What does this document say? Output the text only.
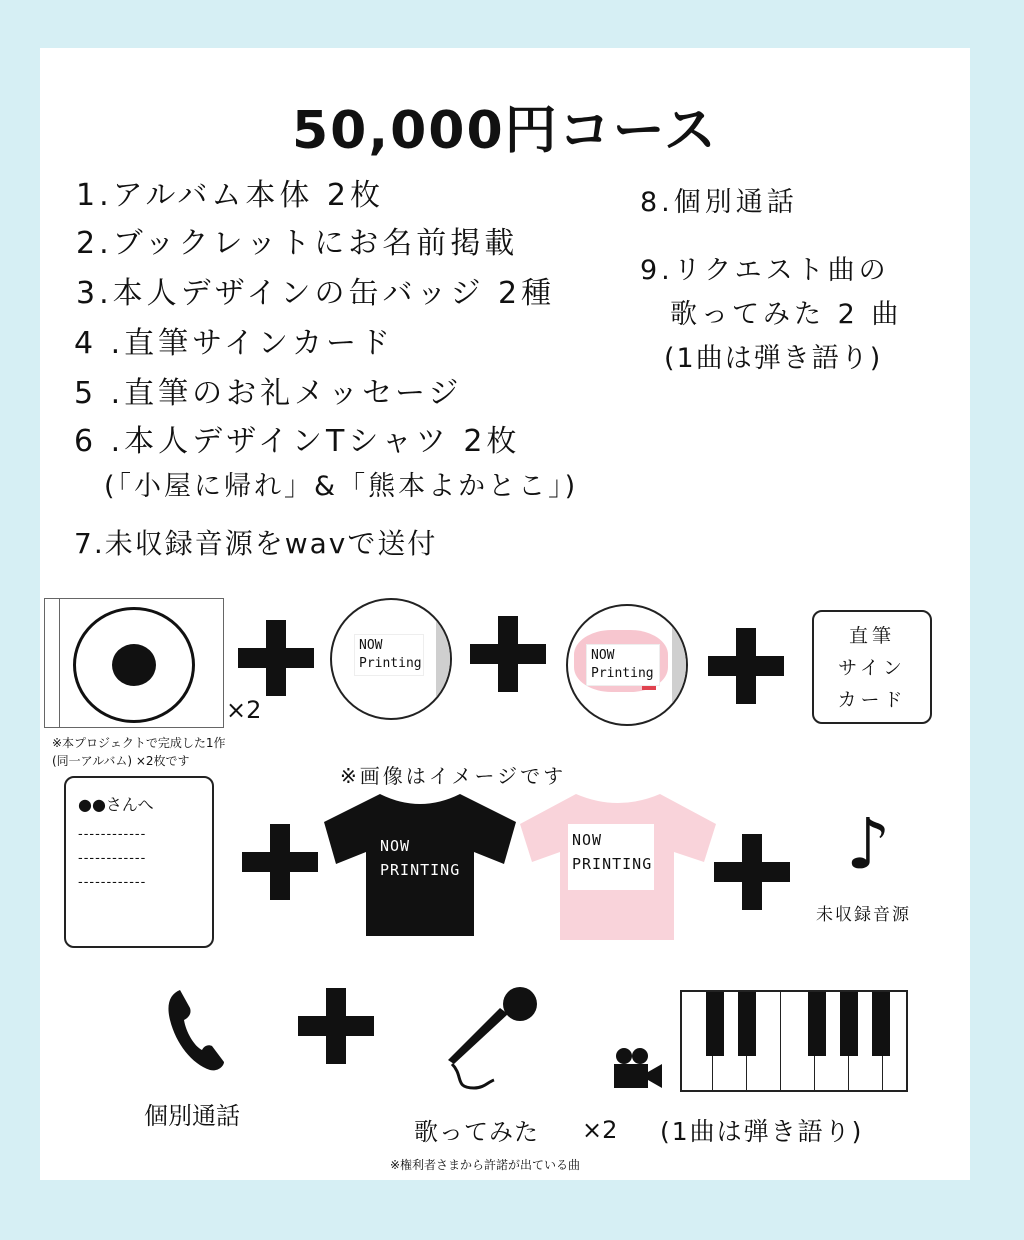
50,000円コース
1.アルバム本体 2枚
2.ブックレットにお名前掲載
3.本人デザインの缶バッジ 2種
4 .直筆サインカード
5 .直筆のお礼メッセージ
6 .本人デザインTシャツ 2枚
(「小屋に帰れ」&「熊本よかとこ」)
7.未収録音源をwavで送付
8.個別通話
9.リクエスト曲の
歌ってみた 2 曲
(1曲は弾き語り)
×2
※本プロジェクトで完成した1作
(同一アルバム) ×2枚です
NOW
Printing
NOW
Printing
直筆
サイン
カード
※画像はイメージです
●●さんへ
------------
------------
------------
NOW
PRINTING
NOW
PRINTING	♪
未収録音源
個別通話
歌ってみた ×2 (1曲は弾き語り)
※権利者さまから許諾が出ている曲
